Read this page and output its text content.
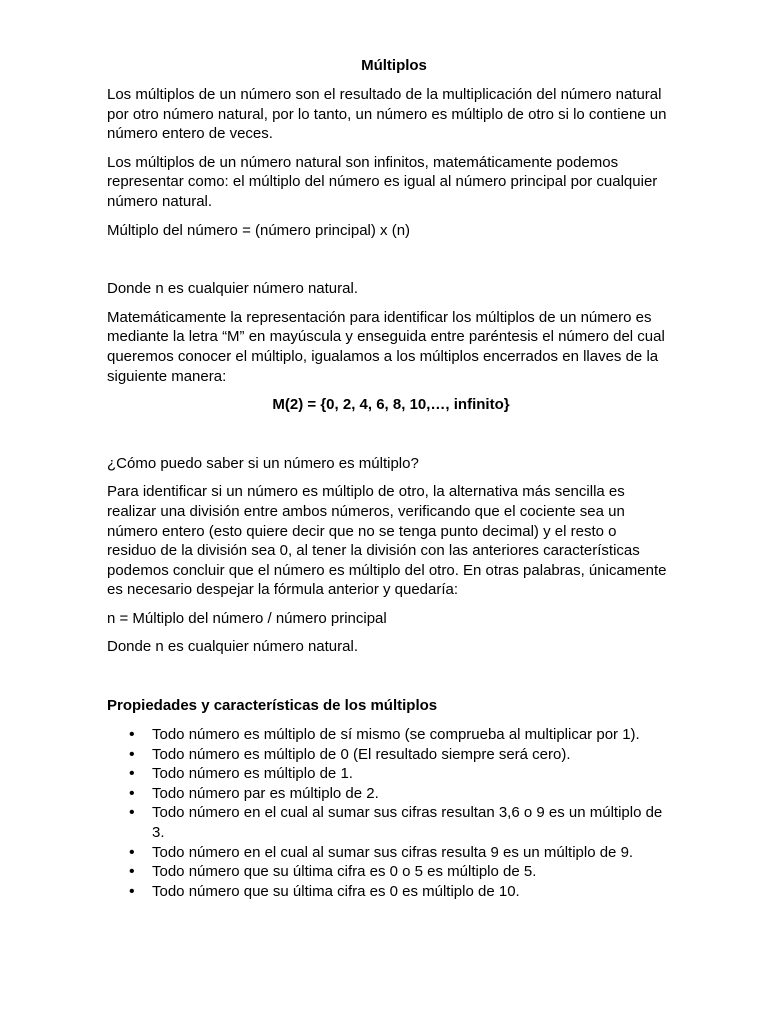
Múltiplos

Los múltiplos de un número son el resultado de la multiplicación del número natural por otro número natural, por lo tanto, un número es múltiplo de otro si lo contiene un número entero de veces.

Los múltiplos de un número natural son infinitos, matemáticamente podemos representar como: el múltiplo del número es igual al número principal por cualquier número natural.

Múltiplo del número = (número principal) x (n)

Donde n es cualquier número natural.

Matemáticamente la representación para identificar los múltiplos de un número es mediante la letra “M” en mayúscula y enseguida entre paréntesis el número del cual queremos conocer el múltiplo, igualamos a los múltiplos encerrados en llaves de la siguiente manera:

M(2) = {0, 2, 4, 6, 8, 10,…, infinito}

¿Cómo puedo saber si un número es múltiplo?

Para identificar si un número es múltiplo de otro, la alternativa más sencilla es realizar una división entre ambos números, verificando que el cociente sea un número entero (esto quiere decir que no se tenga punto decimal) y el resto o residuo de la división sea 0, al tener la división con las anteriores características podemos concluir que el número es múltiplo del otro. En otras palabras, únicamente es necesario despejar la fórmula anterior y quedaría:

n = Múltiplo del número / número principal

Donde n es cualquier número natural.

Propiedades y características de los múltiplos
• Todo número es múltiplo de sí mismo (se comprueba al multiplicar por 1).
• Todo número es múltiplo de 0 (El resultado siempre será cero).
• Todo número es múltiplo de 1.
• Todo número par es múltiplo de 2.
• Todo número en el cual al sumar sus cifras resultan 3,6 o 9 es un múltiplo de 3.
• Todo número en el cual al sumar sus cifras resulta 9 es un múltiplo de 9.
• Todo número que su última cifra es 0 o 5 es múltiplo de 5.
• Todo número que su última cifra es 0 es múltiplo de 10.
